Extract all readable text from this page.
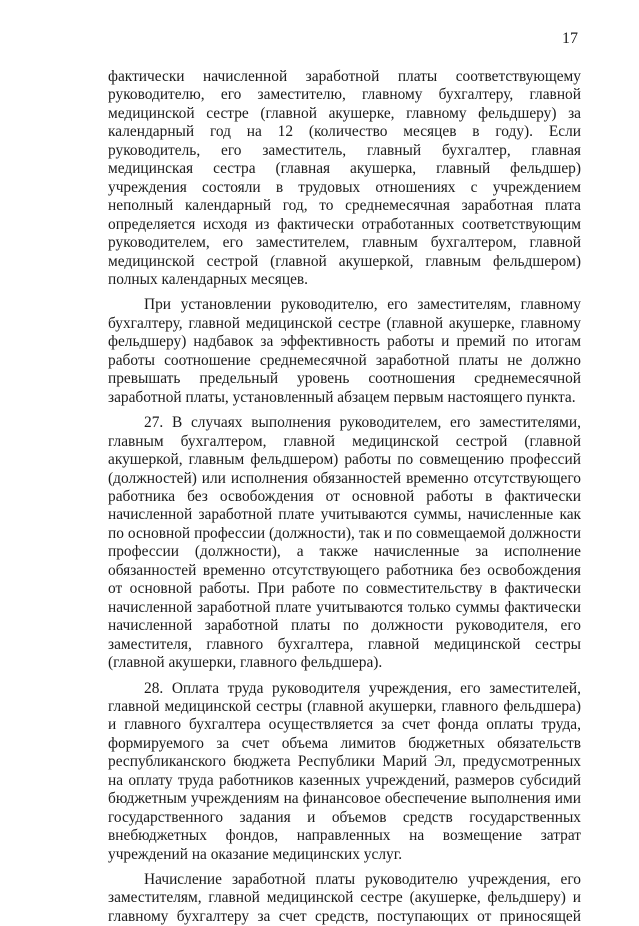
17

фактически начисленной заработной платы соответствующему руководителю, его заместителю, главному бухгалтеру, главной медицинской сестре (главной акушерке, главному фельдшеру) за календарный год на 12 (количество месяцев в году). Если руководитель, его заместитель, главный бухгалтер, главная медицинская сестра (главная акушерка, главный фельдшер) учреждения состояли в трудовых отношениях с учреждением неполный календарный год, то среднемесячная заработная плата определяется исходя из фактически отработанных соответствующим руководителем, его заместителем, главным бухгалтером, главной медицинской сестрой (главной акушеркой, главным фельдшером) полных календарных месяцев.

При установлении руководителю, его заместителям, главному бухгалтеру, главной медицинской сестре (главной акушерке, главному фельдшеру) надбавок за эффективность работы и премий по итогам работы соотношение среднемесячной заработной платы не должно превышать предельный уровень соотношения среднемесячной заработной платы, установленный абзацем первым настоящего пункта.

27. В случаях выполнения руководителем, его заместителями, главным бухгалтером, главной медицинской сестрой (главной акушеркой, главным фельдшером) работы по совмещению профессий (должностей) или исполнения обязанностей временно отсутствующего работника без освобождения от основной работы в фактически начисленной заработной плате учитываются суммы, начисленные как по основной профессии (должности), так и по совмещаемой должности профессии (должности), а также начисленные за исполнение обязанностей временно отсутствующего работника без освобождения от основной работы. При работе по совместительству в фактически начисленной заработной плате учитываются только суммы фактически начисленной заработной платы по должности руководителя, его заместителя, главного бухгалтера, главной медицинской сестры (главной акушерки, главного фельдшера).

28. Оплата труда руководителя учреждения, его заместителей, главной медицинской сестры (главной акушерки, главного фельдшера) и главного бухгалтера осуществляется за счет фонда оплаты труда, формируемого за счет объема лимитов бюджетных обязательств республиканского бюджета Республики Марий Эл, предусмотренных на оплату труда работников казенных учреждений, размеров субсидий бюджетным учреждениям на финансовое обеспечение выполнения ими государственного задания и объемов средств государственных внебюджетных фондов, направленных на возмещение затрат учреждений на оказание медицинских услуг.

Начисление заработной платы руководителю учреждения, его заместителям, главной медицинской сестре (акушерке, фельдшеру) и главному бухгалтеру за счет средств, поступающих от приносящей
